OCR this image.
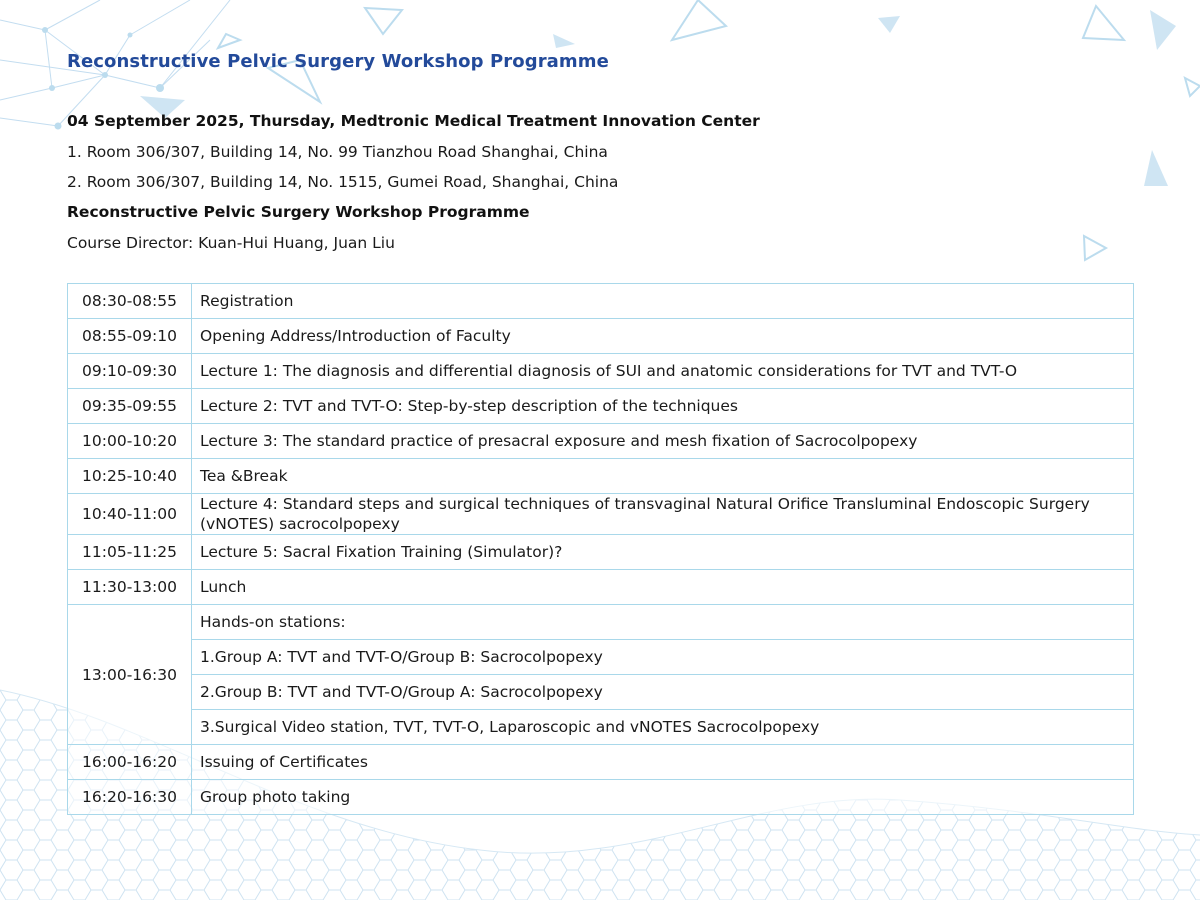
Reconstructive Pelvic Surgery Workshop Programme
04 September 2025, Thursday, Medtronic Medical Treatment Innovation Center
1. Room 306/307, Building 14, No. 99 Tianzhou Road Shanghai, China
2. Room 306/307, Building 14, No. 1515, Gumei Road, Shanghai, China
Reconstructive Pelvic Surgery Workshop Programme
Course Director: Kuan-Hui Huang, Juan Liu
08:30-08:55	Registration
08:55-09:10	Opening Address/Introduction of Faculty
09:10-09:30	Lecture 1: The diagnosis and differential diagnosis of SUI and anatomic considerations for TVT and TVT-O
09:35-09:55	Lecture 2: TVT and TVT-O: Step-by-step description of the techniques
10:00-10:20	Lecture 3: The standard practice of presacral exposure and mesh fixation of Sacrocolpopexy
10:25-10:40	Tea &Break
10:40-11:00	Lecture 4: Standard steps and surgical techniques of transvaginal Natural Orifice Transluminal Endoscopic Surgery (vNOTES) sacrocolpopexy
11:05-11:25	Lecture 5: Sacral Fixation Training (Simulator)?
11:30-13:00	Lunch
13:00-16:30	Hands-on stations:
	1.Group A: TVT and TVT-O/Group B: Sacrocolpopexy
	2.Group B: TVT and TVT-O/Group A: Sacrocolpopexy
	3.Surgical Video station, TVT, TVT-O, Laparoscopic and vNOTES Sacrocolpopexy
16:00-16:20	Issuing of Certificates
16:20-16:30	Group photo taking
